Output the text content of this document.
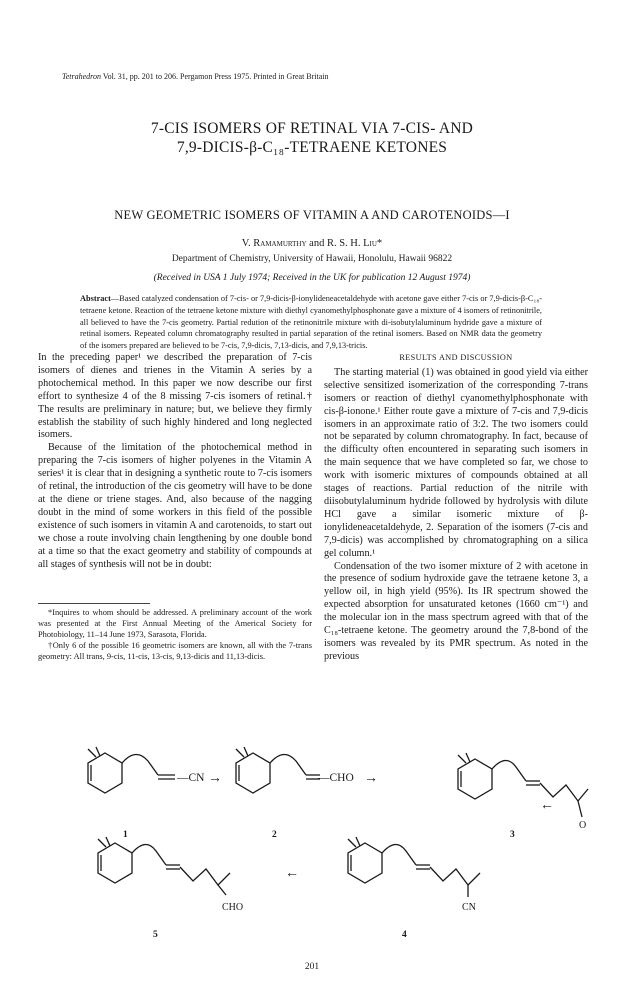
Tetrahedron Vol. 31, pp. 201 to 206. Pergamon Press 1975. Printed in Great Britain
7-CIS ISOMERS OF RETINAL VIA 7-CIS- AND
7,9-DICIS-β-C₁₈-TETRAENE KETONES
NEW GEOMETRIC ISOMERS OF VITAMIN A AND CAROTENOIDS—I
V. Ramamurthy and R. S. H. Liu*
Department of Chemistry, University of Hawaii, Honolulu, Hawaii 96822
(Received in USA 1 July 1974; Received in the UK for publication 12 August 1974)
Abstract—Based catalyzed condensation of 7-cis- or 7,9-dicis-β-ionylideneacetaldehyde with acetone gave either 7-cis or 7,9-dicis-β-C₁₈-tetraene ketone. Reaction of the tetraene ketone mixture with diethyl cyanomethylphosphonate gave a mixture of 4 isomers of retinonitrile, all believed to have the 7-cis geometry. Partial redution of the retinonitrile mixture with di-isobutylaluminum hydride gave a mixture of retinal isomers. Repeated column chromatography resulted in partial separation of the retinal isomers. Based on NMR data the geometry of the isomers prepared are believed to be 7-cis, 7,9-dicis, 7,13-dicis, and 7,9,13-tricis.

In the preceding paper¹ we described the preparation of 7-cis isomers of dienes and trienes in the Vitamin A series by a photochemical method. In this paper we now describe our first effort to synthesize 4 of the 8 missing 7-cis isomers of retinal.† The results are preliminary in nature; but, we believe they firmly establish the stability of such highly hindered and long neglected isomers.

Because of the limitation of the photochemical method in preparing the 7-cis isomers of higher polyenes in the Vitamin A series¹ it is clear that in designing a synthetic route to 7-cis isomers of retinal, the introduction of the cis geometry will have to be done at the diene or triene stages. And, also because of the nagging doubt in the mind of some workers in this field of the possible existence of such isomers in vitamin A and carotenoids, to start out we chose a route involving chain lengthening by one double bond at a time so that the exact geometry and stability of compounds at all stages of synthesis will not be in doubt:

*Inquires to whom should be addressed. A preliminary account of the work was presented at the First Annual Meeting of the Americal Society for Photobiology, 11–14 June 1973, Sarasota, Florida.

†Only 6 of the possible 16 geometric isomers are known, all with the 7-trans geometry: All trans, 9-cis, 11-cis, 13-cis, 9,13-dicis and 11,13-dicis.

RESULTS AND DISCUSSION

The starting material (1) was obtained in good yield via either selective sensitized isomerization of the corresponding 7-trans isomers or reaction of diethyl cyanomethylphosphonate with cis-β-ionone.¹ Either route gave a mixture of 7-cis and 7,9-dicis isomers in an approximate ratio of 3:2. The two isomers could not be separated by column chromatography. In fact, because of the difficulty often encountered in separating such isomers in the main sequence that we have completed so far, we chose to work with isomeric mixtures of compounds obtained at all stages of reactions. Partial reduction of the nitrile with diisobutylaluminum hydride followed by hydrolysis with dilute HCl gave a similar isomeric mixture of β-ionylideneacetaldehyde, 2. Separation of the isomers (7-cis and 7,9-dicis) was accomplished by chromatographing on a silica gel column.¹

Condensation of the two isomer mixture of 2 with acetone in the presence of sodium hydroxide gave the tetraene ketone 3, a yellow oil, in high yield (95%). Its IR spectrum showed the expected absorption for unsaturated ketones (1660 cm⁻¹) and the molecular ion in the mass spectrum agreed with that of the C₁₈-tetraene ketone. The geometry around the 7,8-bond of the isomers was revealed by its PMR spectrum. As noted in the previous

—CN →
1
—CHO →
2
O
3
←
CHO
5
←
CN
4
201
